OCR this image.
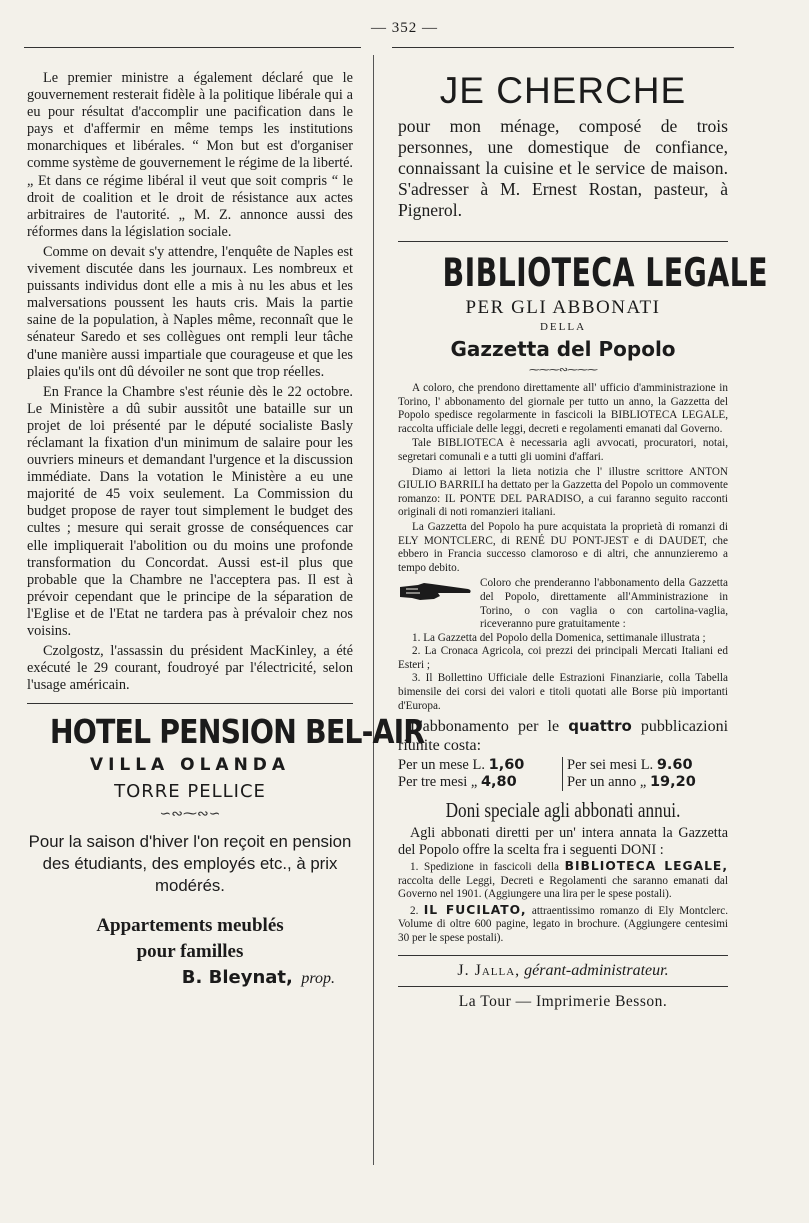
— 352 —

Le premier ministre a également déclaré que le gouvernement resterait fidèle à la politique libérale qui a eu pour résultat d'accomplir une pacification dans le pays et d'affermir en même temps les institutions monarchiques et libérales. “ Mon but est d'organiser comme système de gouvernement le régime de la liberté. „ Et dans ce régime libéral il veut que soit compris “ le droit de coalition et le droit de résistance aux actes arbitraires de l'autorité. „ M. Z. annonce aussi des réformes dans la législation sociale.

Comme on devait s'y attendre, l'enquête de Naples est vivement discutée dans les journaux. Les nombreux et puissants individus dont elle a mis à nu les abus et les malversations poussent les hauts cris. Mais la partie saine de la population, à Naples même, reconnaît que le sénateur Saredo et ses collègues ont rempli leur tâche d'une manière aussi impartiale que courageuse et que les plaies qu'ils ont dû dévoiler ne sont que trop réelles.

En France la Chambre s'est réunie dès le 22 octobre. Le Ministère a dû subir aussitôt une bataille sur un projet de loi présenté par le député socialiste Basly réclamant la fixation d'un minimum de salaire pour les ouvriers mineurs et demandant l'urgence et la discussion immédiate. Dans la votation le Ministère a eu une majorité de 45 voix seulement. La Commission du budget propose de rayer tout simplement le budget des cultes ; mesure qui serait grosse de conséquences car elle impliquerait l'abolition ou du moins une profonde transformation du Concordat. Aussi est-il plus que probable que la Chambre ne l'acceptera pas. Il est à prévoir cependant que le principe de la séparation de l'Eglise et de l'Etat ne tardera pas à prévaloir chez nos voisins.

Czolgostz, l'assassin du président MacKinley, a été exécuté le 29 courant, foudroyé par l'électricité, selon l'usage américain.

HOTEL PENSION BEL-AIR

VILLA OLANDA

TORRE PELLICE

∽∾⁓∾∽

Pour la saison d'hiver l'on reçoit en pension des étudiants, des employés etc., à prix modérés.

Appartements meublés
pour familles

B. Bleynat, prop.

JE CHERCHE

pour mon ménage, composé de trois personnes, une domestique de confiance, connaissant la cuisine et le service de maison. S'adresser à M. Ernest Rostan, pasteur, à Pignerol.

BIBLIOTECA LEGALE

PER GLI ABBONATI

DELLA

Gazzetta del Popolo

⁓⁓⁓∾⁓⁓⁓

A coloro, che prendono direttamente all' ufficio d'amministrazione in Torino, l' abbonamento del giornale per tutto un anno, la Gazzetta del Popolo spedisce regolarmente in fascicoli la BIBLIOTECA LEGALE, raccolta ufficiale delle leggi, decreti e regolamenti emanati dal Governo.

Tale BIBLIOTECA è necessaria agli avvocati, procuratori, notai, segretari comunali e a tutti gli uomini d'affari.

Diamo ai lettori la lieta notizia che l' illustre scrittore ANTON GIULIO BARRILI ha dettato per la Gazzetta del Popolo un commovente romanzo: IL PONTE DEL PARADISO, a cui faranno seguito racconti originali di noti romanzieri italiani.

La Gazzetta del Popolo ha pure acquistata la proprietà di romanzi di ELY MONTCLERC, di RENÉ DU PONT-JEST e di DAUDET, che ebbero in Francia successo clamoroso e di altri, che annunzieremo a tempo debito.

Coloro che prenderanno l'abbonamento della Gazzetta del Popolo, direttamente all'Amministrazione in Torino, o con vaglia o con cartolina-vaglia, riceveranno pure gratuitamente :

1. La Gazzetta del Popolo della Domenica, settimanale illustrata ;

2. La Cronaca Agricola, coi prezzi dei principali Mercati Italiani ed Esteri ;

3. Il Bollettino Ufficiale delle Estrazioni Finanziarie, colla Tabella bimensile dei corsi dei valori e titoli quotati alle Borse più importanti d'Europa.

L'abbonamento per le quattro pubblicazioni riunite costa:

Per un mese L. 1,60	Per sei mesi L. 9.60
Per tre mesi „ 4,80	Per un anno „ 19,20

Doni speciale agli abbonati annui.

Agli abbonati diretti per un' intera annata la Gazzetta del Popolo offre la scelta fra i seguenti DONI :

1. Spedizione in fascicoli della BIBLIOTECA LEGALE, raccolta delle Leggi, Decreti e Regolamenti che saranno emanati dal Governo nel 1901. (Aggiungere una lira per le spese postali).

2. IL FUCILATO, attraentissimo romanzo di Ely Montclerc. Volume di oltre 600 pagine, legato in brochure. (Aggiungere centesimi 30 per le spese postali).

J. Jalla, gérant-administrateur.

La Tour — Imprimerie Besson.
